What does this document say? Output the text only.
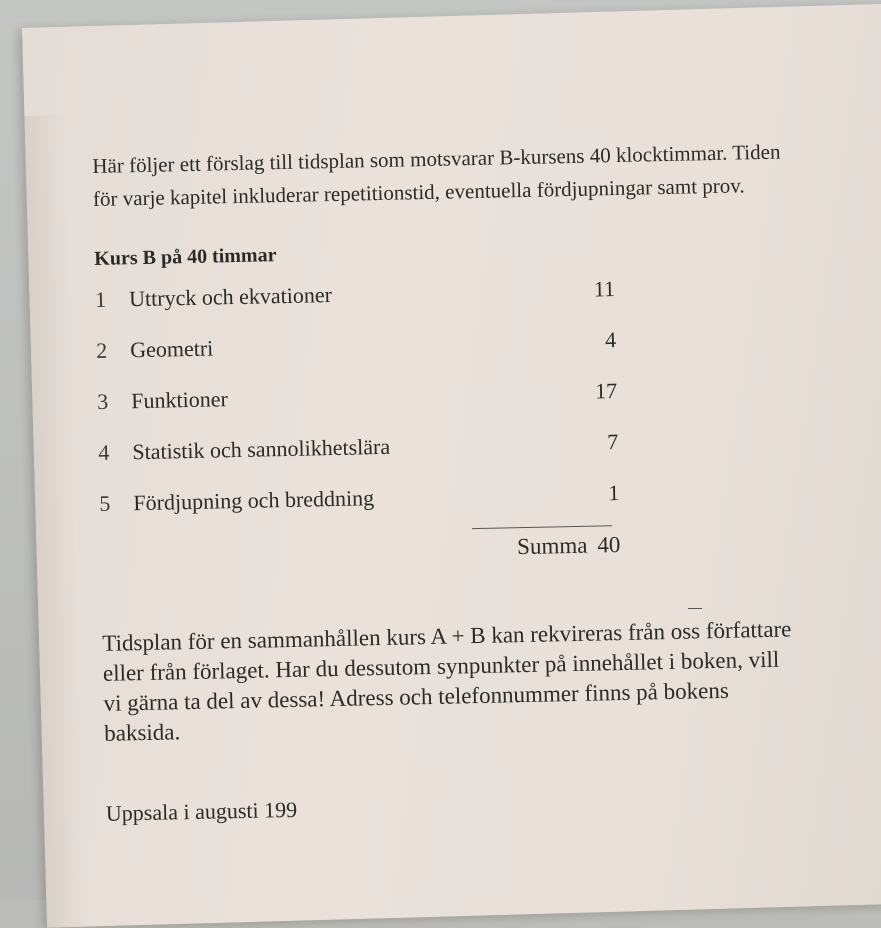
Här följer ett förslag till tidsplan som motsvarar B-kursens 40 klocktimmar. Tiden för varje kapitel inkluderar repetitionstid, eventuella fördjupningar samt prov.

Kurs B på 40 timmar
1	Uttryck och ekvationer	11
2	Geometri	4
3	Funktioner	17
4	Statistik och sannolikhetslära	7
5	Fördjupning och breddning	1
Summa 40

Tidsplan för en sammanhållen kurs A + B kan rekvireras från oss författare eller från förlaget. Har du dessutom synpunkter på innehållet i boken, vill vi gärna ta del av dessa! Adress och telefonnummer finns på bokens baksida.

Uppsala i augusti 199
